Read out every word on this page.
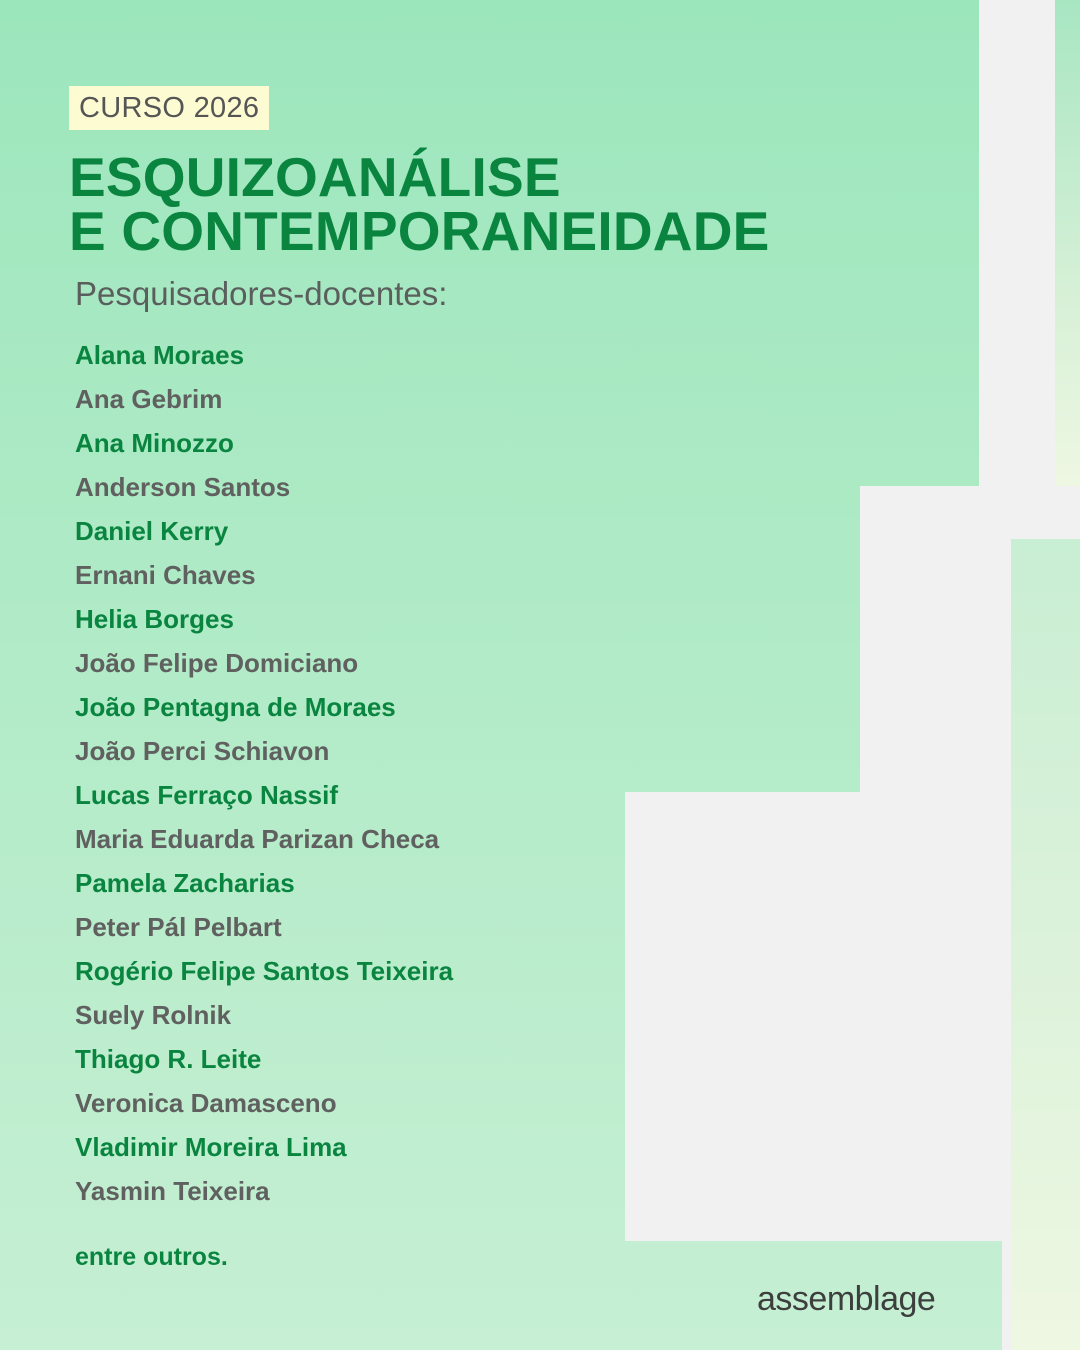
CURSO 2026
ESQUIZOANÁLISE
E CONTEMPORANEIDADE
Pesquisadores-docentes:
Alana Moraes
Ana Gebrim
Ana Minozzo
Anderson Santos
Daniel Kerry
Ernani Chaves
Helia Borges
João Felipe Domiciano
João Pentagna de Moraes
João Perci Schiavon
Lucas Ferraço Nassif
Maria Eduarda Parizan Checa
Pamela Zacharias
Peter Pál Pelbart
Rogério Felipe Santos Teixeira
Suely Rolnik
Thiago R. Leite
Veronica Damasceno
Vladimir Moreira Lima
Yasmin Teixeira
entre outros.
assemblage
